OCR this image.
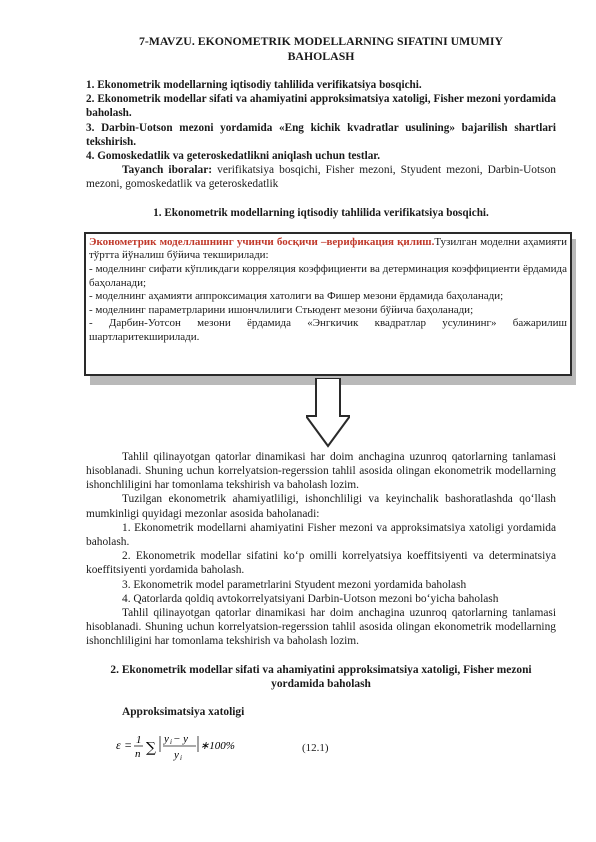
7-MAVZU. EKONOMETRIK MODELLARNING SIFATINI UMUMIY
BAHOLASH

1. Ekonometrik modellarning iqtisodiy tahlilida verifikatsiya bosqichi.

2. Ekonometrik modellar sifati va ahamiyatini approksimatsiya xatoligi, Fisher mezoni yordamida baholash.

3. Darbin-Uotson mezoni yordamida «Eng kichik kvadratlar usulining» bajarilish shartlari tekshirish.

4. Gomoskedatlik va geteroskedatlikni aniqlash uchun testlar.

Tayanch iboralar: verifikatsiya bosqichi, Fisher mezoni, Styudent mezoni, Darbin-Uotson mezoni, gomoskedatlik va geteroskedatlik

1. Ekonometrik modellarning iqtisodiy tahlilida verifikatsiya bosqichi.

Эконометрик моделлашнинг учинчи босқичи –верификация қилиш.Тузилган моделни аҳамияти тўртта йўналиш бўйича текширилади:

- моделнинг сифати кўпликдаги корреляция коэффициенти ва детерминация коэффициенти ёрдамида баҳоланади;

- моделнинг аҳамияти аппроксимация хатолиги ва Фишер мезони ёрдамида баҳоланади;

- моделнинг параметрларини ишончлилиги Стьюдент мезони бўйича баҳоланади;

- Дарбин-Уотсон мезони ёрдамида «Энгкичик квадратлар усулининг» бажарилиш шартларитекширилади.

Tahlil qilinayotgan qatorlar dinamikasi har doim anchagina uzunroq qatorlarning tanlamasi hisoblanadi. Shuning uchun korrelyatsion-regerssion tahlil asosida olingan ekonometrik modellarning ishonchliligini har tomonlama tekshirish va baholash lozim.

Tuzilgan ekonometrik ahamiyatliligi, ishonchliligi va keyinchalik bashoratlashda qo‘llash mumkinligi quyidagi mezonlar asosida baholanadi:

1. Ekonometrik modellarni ahamiyatini Fisher mezoni va approksimatsiya xatoligi yordamida baholash.

2. Ekonometrik modellar sifatini ko‘p omilli korrelyatsiya koeffitsiyenti va determinatsiya koeffitsiyenti yordamida baholash.

3. Ekonometrik model parametrlarini Styudent mezoni yordamida baholash

4. Qatorlarda qoldiq avtokorrelyatsiyani Darbin-Uotson mezoni bo‘yicha baholash

Tahlil qilinayotgan qatorlar dinamikasi har doim anchagina uzunroq qatorlarning tanlamasi hisoblanadi. Shuning uchun korrelyatsion-regerssion tahlil asosida olingan ekonometrik modellarning ishonchliligini har tomonlama tekshirish va baholash lozim.

2. Ekonometrik modellar sifati va ahamiyatini approksimatsiya xatoligi, Fisher mezoni yordamida baholash

Approksimatsiya xatoligi

ε = 1
n ∑
y i − y
y i
∗100%	(12.1)
